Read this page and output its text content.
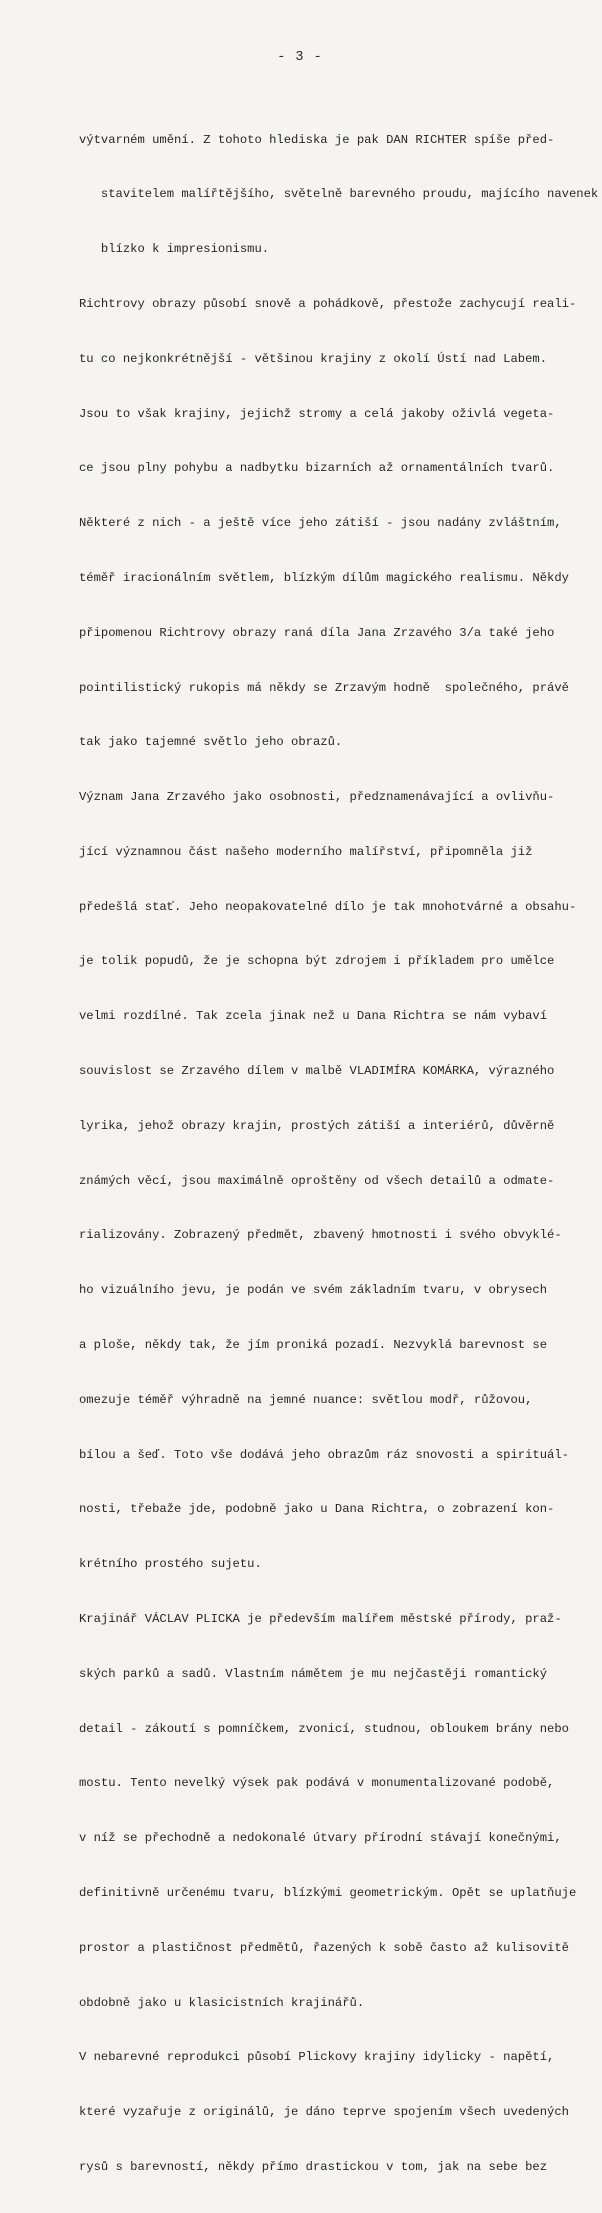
- 3 -

výtvarném umění. Z tohoto hlediska je pak DAN RICHTER spíše před-

stavitelem malířtějšího, světelně barevného proudu, majícího navenek

blízko k impresionismu.

Richtrovy obrazy působí snově a pohádkově, přestože zachycují reali-

tu co nejkonkrétnější - většinou krajiny z okolí Ústí nad Labem.

Jsou to však krajiny, jejichž stromy a celá jakoby oživlá vegeta-

ce jsou plny pohybu a nadbytku bizarních až ornamentálních tvarů.

Některé z nich - a ještě více jeho zátiší - jsou nadány zvláštním,

téměř iracionálním světlem, blízkým dílům magického realismu. Někdy

připomenou Richtrovy obrazy raná díla Jana Zrzavého 3/a také jeho

pointilistický rukopis má někdy se Zrzavým hodně  společného, právě

tak jako tajemné světlo jeho obrazů.

Význam Jana Zrzavého jako osobnosti, předznamenávající a ovlivňu-

jící významnou část našeho moderního malířství, připomněla již

předešlá stať. Jeho neopakovatelné dílo je tak mnohotvárné a obsahu-

je tolik popudů, že je schopna být zdrojem i příkladem pro umělce

velmi rozdílné. Tak zcela jinak než u Dana Richtra se nám vybaví

souvislost se Zrzavého dílem v malbě VLADIMÍRA KOMÁRKA, výrazného

lyrika, jehož obrazy krajin, prostých zátiší a interiérů, důvěrně

známých věcí, jsou maximálně oproštěny od všech detailů a odmate-

rializovány. Zobrazený předmět, zbavený hmotnosti i svého obvyklé-

ho vizuálního jevu, je podán ve svém základním tvaru, v obrysech

a ploše, někdy tak, že jím proniká pozadí. Nezvyklá barevnost se

omezuje téměř výhradně na jemné nuance: světlou modř, růžovou,

bílou a šeď. Toto vše dodává jeho obrazům ráz snovosti a spirituál-

nosti, třebaže jde, podobně jako u Dana Richtra, o zobrazení kon-

krétního prostého sujetu.

Krajinář VÁCLAV PLICKA je především malířem městské přírody, praž-

ských parků a sadů. Vlastním námětem je mu nejčastěji romantický

detail - zákoutí s pomníčkem, zvonicí, studnou, obloukem brány nebo

mostu. Tento nevelký výsek pak podává v monumentalizované podobě,

v níž se přechodně a nedokonalé útvary přírodní stávají konečnými,

definitivně určenému tvaru, blízkými geometrickým. Opět se uplatňuje

prostor a plastičnost předmětů, řazených k sobě často až kulisovitě

obdobně jako u klasicistních krajinářů.

V nebarevné reprodukci působí Plickovy krajiny idylicky - napětí,

které vyzařuje z originálů, je dáno teprve spojením všech uvedených

rysů s barevností, někdy přímo drastickou v tom, jak na sebe bez
